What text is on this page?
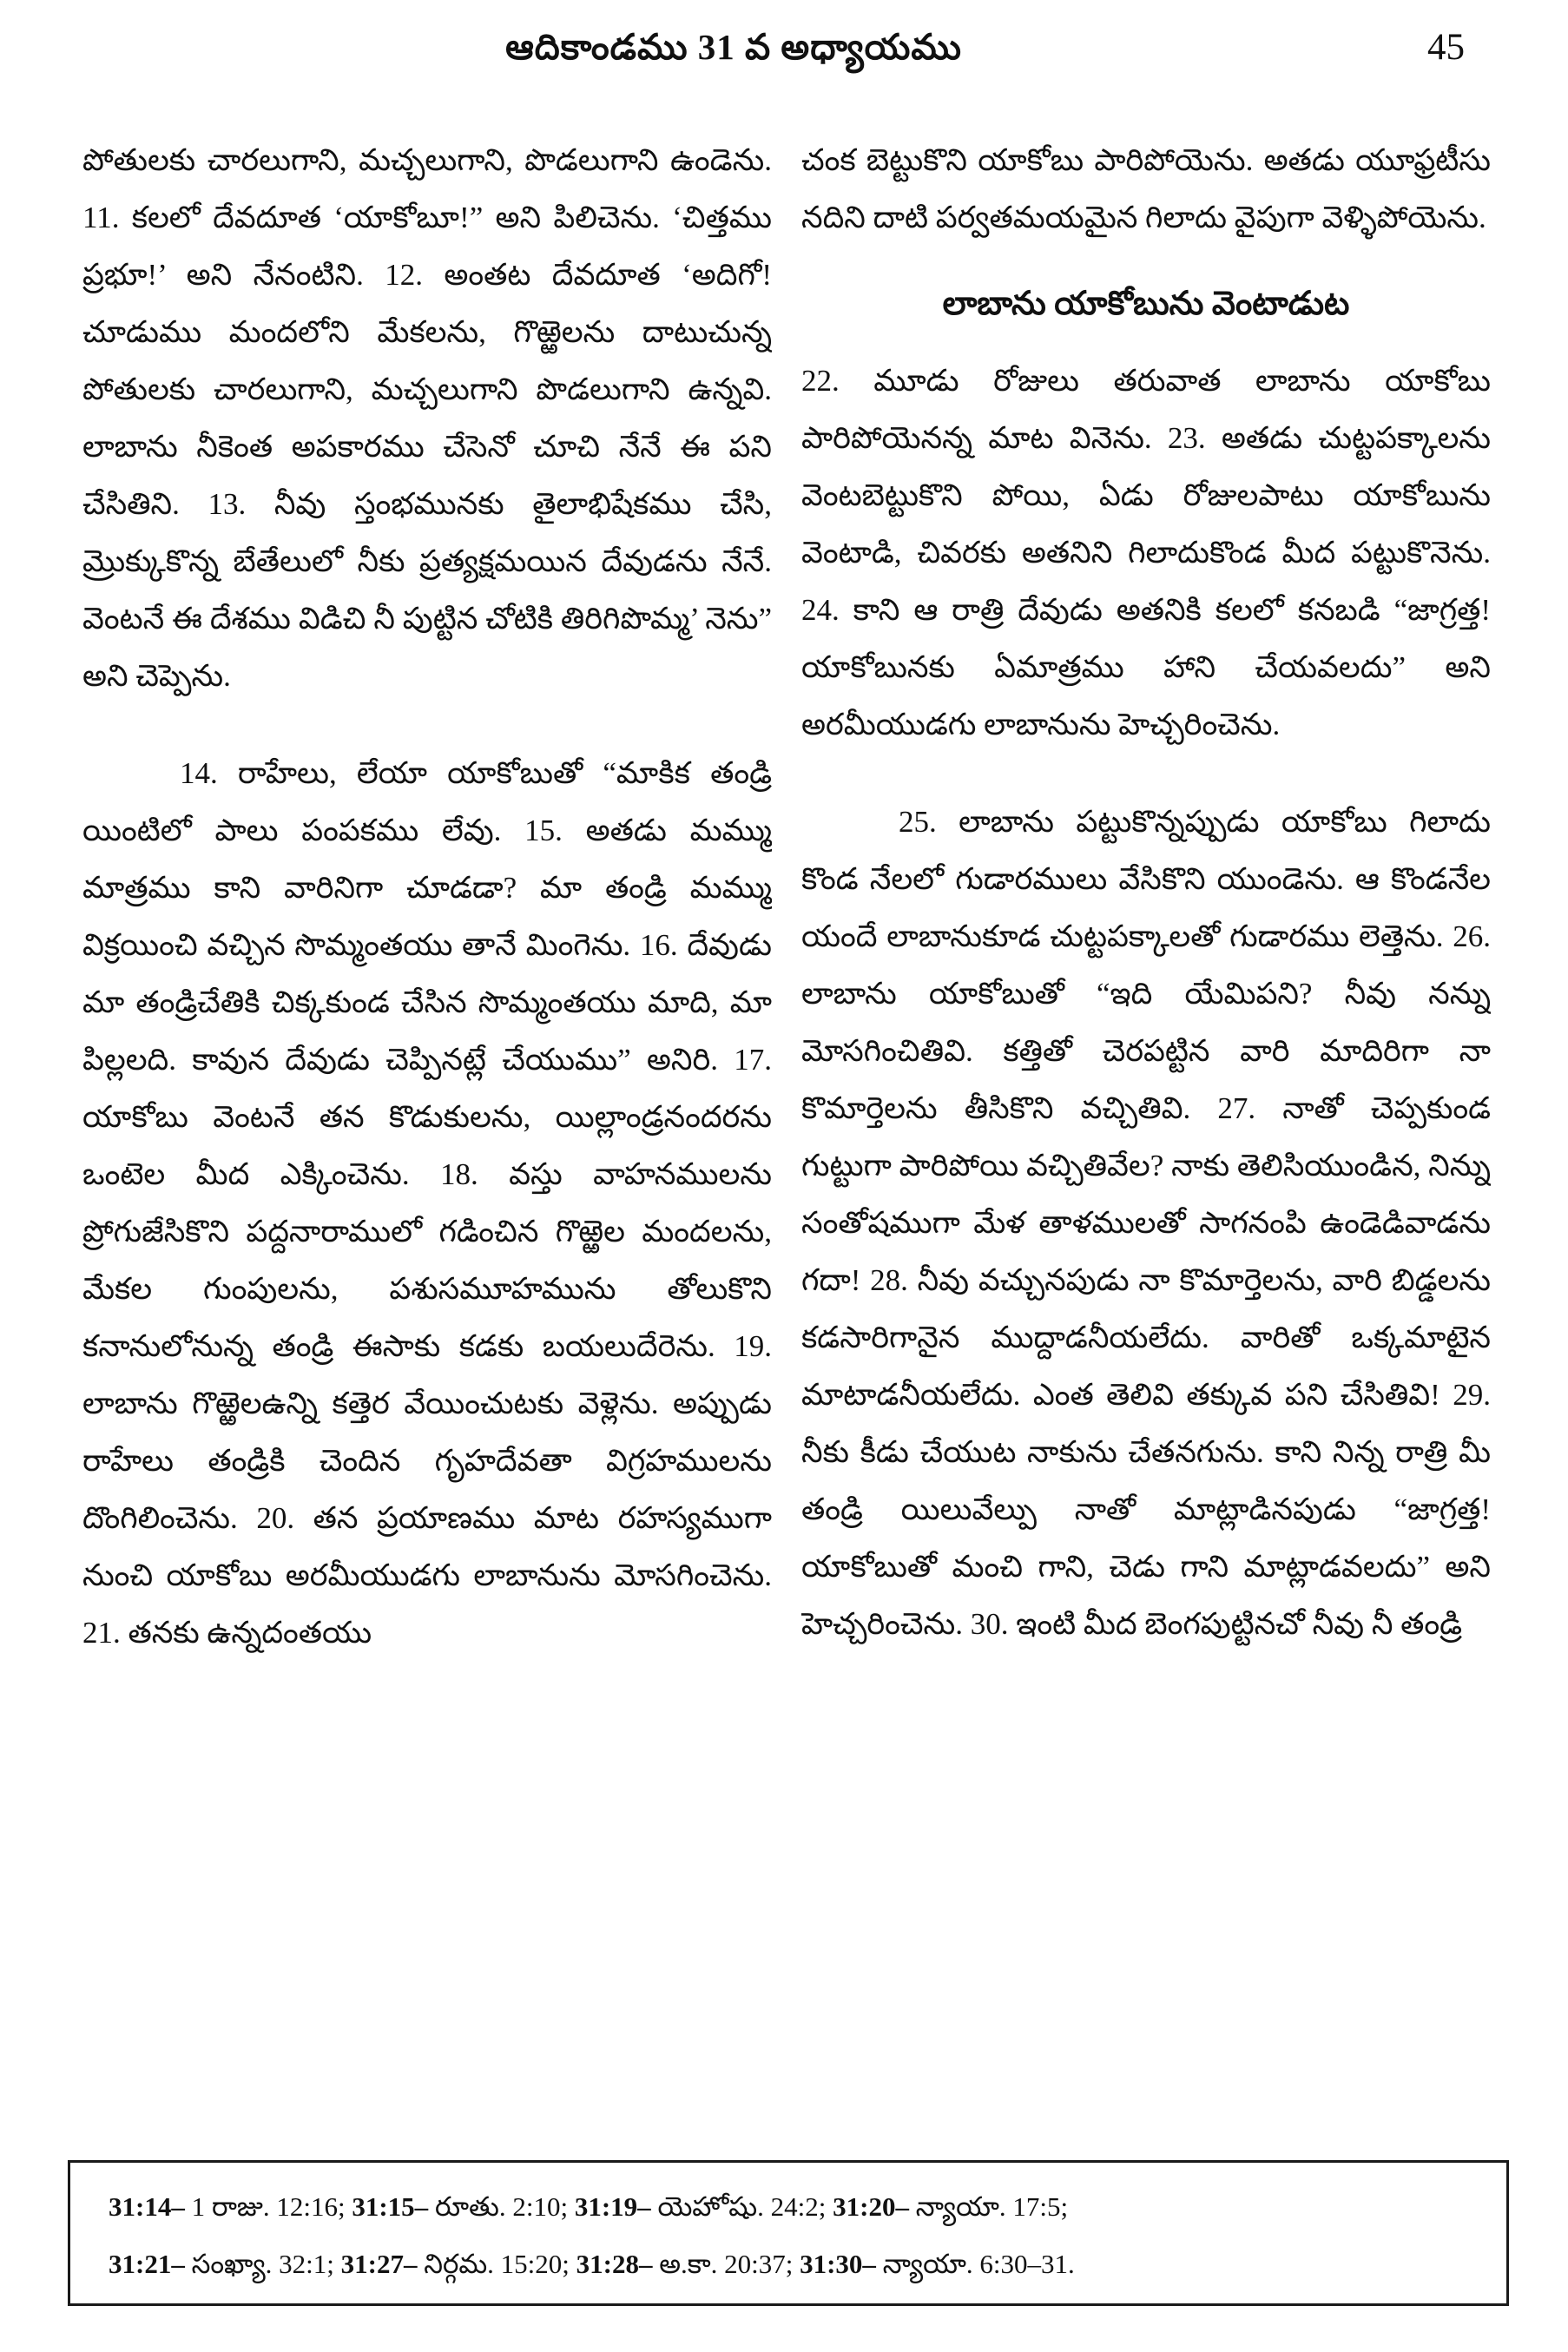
ఆదికాండము 31 వ అధ్యాయము	45

పోతులకు చారలుగాని, మచ్చలుగాని, పొడలుగాని ఉండెను. 11. కలలో దేవదూత ‘యాకోబూ!” అని పిలిచెను. ‘చిత్తము ప్రభూ!’ అని నేనంటిని. 12. అంతట దేవదూత ‘అదిగో! చూడుము మందలోని మేకలను, గొఱ్ఱెలను దాటుచున్న పోతులకు చారలుగాని, మచ్చలుగాని పొడలుగాని ఉన్నవి. లాబాను నీకెంత అపకారము చేసెనో చూచి నేనే ఈ పని చేసితిని. 13. నీవు స్తంభమునకు తైలాభిషేకము చేసి, మ్రొక్కుకొన్న బేతేలులో నీకు ప్రత్యక్షమయిన దేవుడను నేనే. వెంటనే ఈ దేశము విడిచి నీ పుట్టిన చోటికి తిరిగిపొమ్మ’ నెను” అని చెప్పెను.

14. రాహేలు, లేయా యాకోబుతో “మాకిక తండ్రి యింటిలో పాలు పంపకము లేవు. 15. అతడు మమ్ము మాత్రము కాని వారినిగా చూడడా? మా తండ్రి మమ్ము విక్రయించి వచ్చిన సొమ్మంతయు తానే మింగెను. 16. దేవుడు మా తండ్రిచేతికి చిక్కకుండ చేసిన సొమ్మంతయు మాది, మా పిల్లలది. కావున దేవుడు చెప్పినట్లే చేయుము” అనిరి. 17. యాకోబు వెంటనే తన కొడుకులను, యిల్లాండ్రనందరను ఒంటెల మీద ఎక్కించెను. 18. వస్తు వాహనములను ప్రోగుజేసికొని పద్దనారాములో గడించిన గొఱ్ఱెల మందలను, మేకల గుంపులను, పశుసమూహమును తోలుకొని కనానులోనున్న తండ్రి ఈసాకు కడకు బయలుదేరెను. 19. లాబాను గొఱ్ఱెలఉన్ని కత్తెర వేయించుటకు వెళ్లెను. అప్పుడు రాహేలు తండ్రికి చెందిన గృహదేవతా విగ్రహములను దొంగిలించెను. 20. తన ప్రయాణము మాట రహస్యముగా నుంచి యాకోబు అరమీయుడగు లాబానును మోసగించెను. 21. తనకు ఉన్నదంతయు

చంక బెట్టుకొని యాకోబు పారిపోయెను. అతడు యూఫ్రటీసు నదిని దాటి పర్వతమయమైన గిలాదు వైపుగా వెళ్ళిపోయెను.

లాబాను యాకోబును వెంటాడుట

22. మూడు రోజులు తరువాత లాబాను యాకోబు పారిపోయెనన్న మాట వినెను. 23. అతడు చుట్టపక్కాలను వెంటబెట్టుకొని పోయి, ఏడు రోజులపాటు యాకోబును వెంటాడి, చివరకు అతనిని గిలాదుకొండ మీద పట్టుకొనెను. 24. కాని ఆ రాత్రి దేవుడు అతనికి కలలో కనబడి “జాగ్రత్త! యాకోబునకు ఏమాత్రము హాని చేయవలదు” అని అరమీయుడగు లాబానును హెచ్చరించెను.

25. లాబాను పట్టుకొన్నప్పుడు యాకోబు గిలాదు కొండ నేలలో గుడారములు వేసికొని యుండెను. ఆ కొండనేల యందే లాబానుకూడ చుట్టపక్కాలతో గుడారము లెత్తెను. 26. లాబాను యాకోబుతో “ఇది యేమిపని? నీవు నన్ను మోసగించితివి. కత్తితో చెరపట్టిన వారి మాదిరిగా నా కొమార్తెలను తీసికొని వచ్చితివి. 27. నాతో చెప్పకుండ గుట్టుగా పారిపోయి వచ్చితివేల? నాకు తెలిసియుండిన, నిన్ను సంతోషముగా మేళ తాళములతో సాగనంపి ఉండెడివాడను గదా! 28. నీవు వచ్చునపుడు నా కొమార్తెలను, వారి బిడ్డలను కడసారిగానైన ముద్దాడనీయలేదు. వారితో ఒక్కమాటైన మాటాడనీయలేదు. ఎంత తెలివి తక్కువ పని చేసితివి! 29. నీకు కీడు చేయుట నాకును చేతనగును. కాని నిన్న రాత్రి మీ తండ్రి యిలువేల్పు నాతో మాట్లాడినపుడు “జాగ్రత్త! యాకోబుతో మంచి గాని, చెడు గాని మాట్లాడవలదు” అని హెచ్చరించెను. 30. ఇంటి మీద బెంగపుట్టినచో నీవు నీ తండ్రి

31:14– 1 రాజు. 12:16; 31:15– రూతు. 2:10; 31:19– యెహోషు. 24:2; 31:20– న్యాయా. 17:5;
31:21– సంఖ్యా. 32:1; 31:27– నిర్గమ. 15:20; 31:28– అ.కా. 20:37; 31:30– న్యాయా. 6:30–31.
